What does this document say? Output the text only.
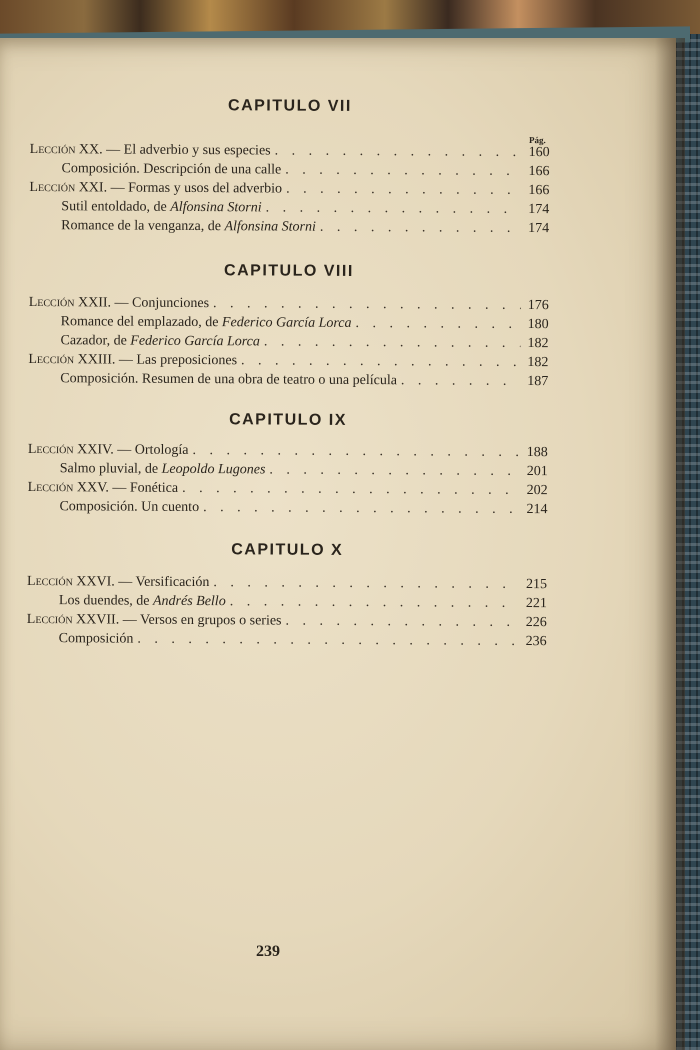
CAPITULO VII
Pág.
Lección XX. — El adverbio y sus especies . . .	160
Composición. Descripción de una calle . . .	166
Lección XXI. — Formas y usos del adverbio . . .	166
Sutil entoldado, de Alfonsina Storni . . .	174
Romance de la venganza, de Alfonsina Storni . . .	174
CAPITULO VIII
Lección XXII. — Conjunciones . . .	176
Romance del emplazado, de Federico García Lorca . . .	180
Cazador, de Federico García Lorca . . .	182
Lección XXIII. — Las preposiciones . . .	182
Composición. Resumen de una obra de teatro o una película . . .	187
CAPITULO IX
Lección XXIV. — Ortología . . .	188
Salmo pluvial, de Leopoldo Lugones . . .	201
Lección XXV. — Fonética . . .	202
Composición. Un cuento . . .	214
CAPITULO X
Lección XXVI. — Versificación . . .	215
Los duendes, de Andrés Bello . . .	221
Lección XXVII. — Versos en grupos o series . . .	226
Composición . . .	236
239
